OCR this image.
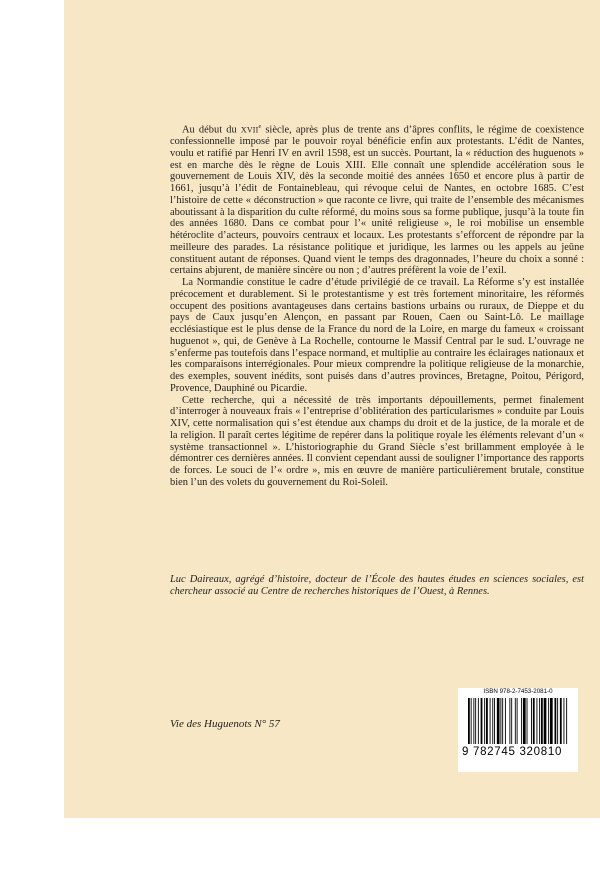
Au début du XVIIe siècle, après plus de trente ans d’âpres conflits, le régime de coexistence confessionnelle imposé par le pouvoir royal bénéficie enfin aux protestants. L’édit de Nantes, voulu et ratifié par Henri IV en avril 1598, est un succès. Pourtant, la « réduction des huguenots » est en marche dès le règne de Louis XIII. Elle connaît une splendide accélération sous le gouvernement de Louis XIV, dès la seconde moitié des années 1650 et encore plus à partir de 1661, jusqu’à l’édit de Fontainebleau, qui révoque celui de Nantes, en octobre 1685. C’est l’histoire de cette « déconstruction » que raconte ce livre, qui traite de l’ensemble des mécanismes aboutissant à la disparition du culte réformé, du moins sous sa forme publique, jusqu’à la toute fin des années 1680. Dans ce combat pour l’« unité religieuse », le roi mobilise un ensemble hétéroclite d’acteurs, pouvoirs centraux et locaux. Les protestants s’efforcent de répondre par la meilleure des parades. La résistance politique et juridique, les larmes ou les appels au jeûne constituent autant de réponses. Quand vient le temps des dragonnades, l’heure du choix a sonné : certains abjurent, de manière sincère ou non ; d’autres préfèrent la voie de l’exil.

La Normandie constitue le cadre d’étude privilégié de ce travail. La Réforme s’y est installée précocement et durablement. Si le protestantisme y est très fortement minoritaire, les réformés occupent des positions avantageuses dans certains bastions urbains ou ruraux, de Dieppe et du pays de Caux jusqu’en Alençon, en passant par Rouen, Caen ou Saint-Lô. Le maillage ecclésiastique est le plus dense de la France du nord de la Loire, en marge du fameux « croissant huguenot », qui, de Genève à La Rochelle, contourne le Massif Central par le sud. L’ouvrage ne s’enferme pas toutefois dans l’espace normand, et multiplie au contraire les éclairages nationaux et les comparaisons interrégionales. Pour mieux comprendre la politique religieuse de la monarchie, des exemples, souvent inédits, sont puisés dans d’autres provinces, Bretagne, Poitou, Périgord, Provence, Dauphiné ou Picardie.

Cette recherche, qui a nécessité de très importants dépouillements, permet finalement d’interroger à nouveaux frais « l’entreprise d’oblitération des particularismes » conduite par Louis XIV, cette normalisation qui s’est étendue aux champs du droit et de la justice, de la morale et de la religion. Il paraît certes légitime de repérer dans la politique royale les éléments relevant d’un « système transactionnel ». L’historiographie du Grand Siècle s’est brillamment employée à le démontrer ces dernières années. Il convient cependant aussi de souligner l’importance des rapports de forces. Le souci de l’« ordre », mis en œuvre de manière particulièrement brutale, constitue bien l’un des volets du gouvernement du Roi-Soleil.

Luc Daireaux, agrégé d’histoire, docteur de l’École des hautes études en sciences sociales, est chercheur associé au Centre de recherches historiques de l’Ouest, à Rennes.
Vie des Huguenots N° 57
ISBN 978-2-7453-2081-0
9 782745 320810
